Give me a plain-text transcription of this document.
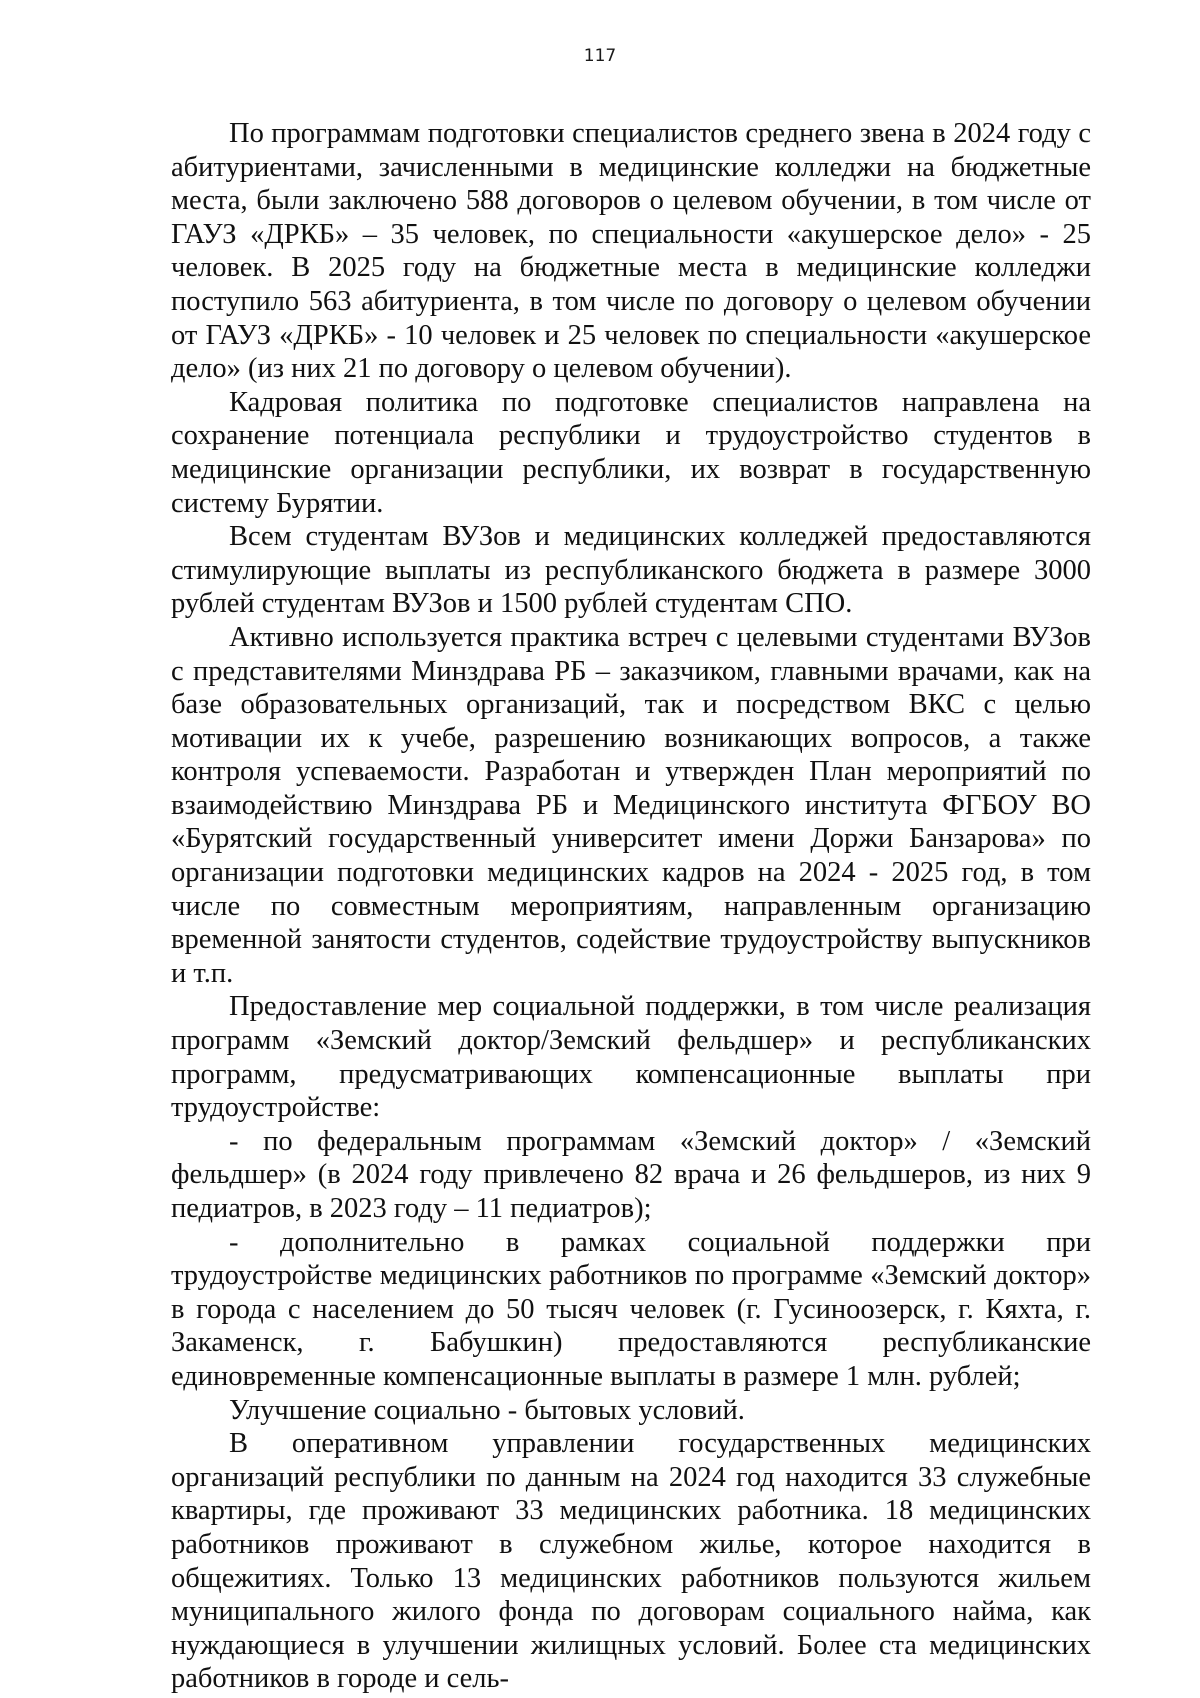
117

По программам подготовки специалистов среднего звена в 2024 году с абитуриентами, зачисленными в медицинские колледжи на бюджетные места, были заключено 588 договоров о целевом обучении, в том числе от ГАУЗ «ДРКБ» – 35 человек, по специальности «акушерское дело» - 25 человек. В 2025 году на бюджетные места в медицинские колледжи поступило 563 абитуриента, в том числе по договору о целевом обучении от ГАУЗ «ДРКБ» - 10 человек и 25 человек по специальности «акушерское дело» (из них 21 по договору о целевом обучении).

Кадровая политика по подготовке специалистов направлена на сохранение потенциала республики и трудоустройство студентов в медицинские организации республики, их возврат в государственную систему Бурятии.

Всем студентам ВУЗов и медицинских колледжей предоставляются стимулирующие выплаты из республиканского бюджета в размере 3000 рублей студентам ВУЗов и 1500 рублей студентам СПО.

Активно используется практика встреч с целевыми студентами ВУЗов с представителями Минздрава РБ – заказчиком, главными врачами, как на базе образовательных организаций, так и посредством ВКС с целью мотивации их к учебе, разрешению возникающих вопросов, а также контроля успеваемости. Разработан и утвержден План мероприятий по взаимодействию Минздрава РБ и Медицинского института ФГБОУ ВО «Бурятский государственный университет имени Доржи Банзарова» по организации подготовки медицинских кадров на 2024 - 2025 год, в том числе по совместным мероприятиям, направленным организацию временной занятости студентов, содействие трудоустройству выпускников и т.п.

Предоставление мер социальной поддержки, в том числе реализация программ «Земский доктор/Земский фельдшер» и республиканских программ, предусматривающих компенсационные выплаты при трудоустройстве:

- по федеральным программам «Земский доктор» / «Земский фельдшер» (в 2024 году привлечено 82 врача и 26 фельдшеров, из них 9 педиатров, в 2023 году – 11 педиатров);

- дополнительно в рамках социальной поддержки при трудоустройстве медицинских работников по программе «Земский доктор» в города с населением до 50 тысяч человек (г. Гусиноозерск, г. Кяхта, г. Закаменск, г. Бабушкин) предоставляются республиканские единовременные компенсационные выплаты в размере 1 млн. рублей;

Улучшение социально - бытовых условий.

В оперативном управлении государственных медицинских организаций республики по данным на 2024 год находится 33 служебные квартиры, где проживают 33 медицинских работника. 18 медицинских работников проживают в служебном жилье, которое находится в общежитиях. Только 13 медицинских работников пользуются жильем муниципального жилого фонда по договорам социального найма, как нуждающиеся в улучшении жилищных условий. Более ста медицинских работников в городе и сель-
